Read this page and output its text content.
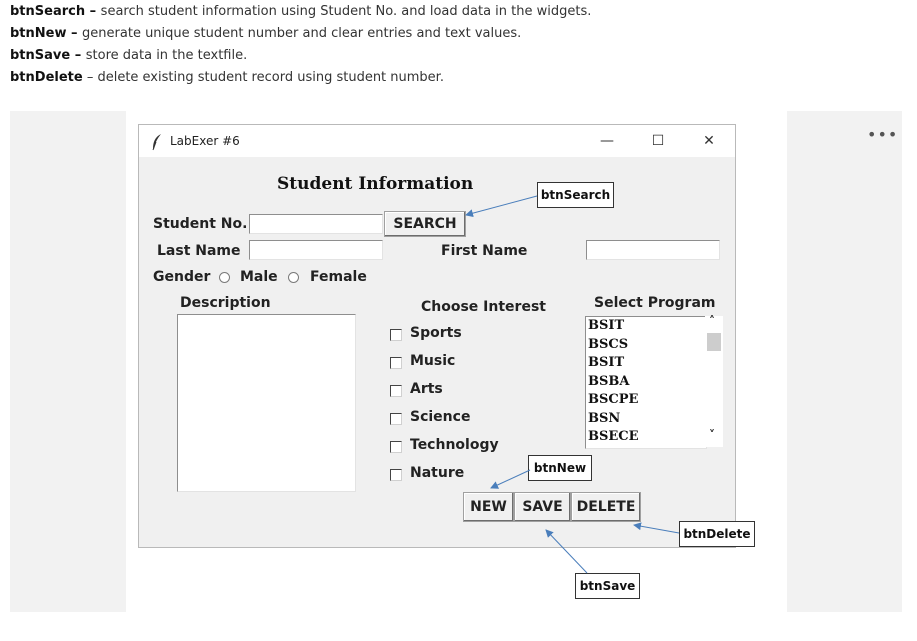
btnSearch – search student information using Student No. and load data in the widgets.
btnNew – generate unique student number and clear entries and text values.
btnSave – store data in the textfile.
btnDelete – delete existing student record using student number.
•••
LabExer #6	—	☐	✕
Student Information
Student No.	SEARCH
Last Name	First Name
Gender Male Female
Description	Choose Interest
Sports
Music
Arts
Science
Technology
Nature
Select Program
BSIT
BSCS
BSIT
BSBA
BSCPE
BSN
BSECE
˄
˅
NEW	SAVE DELETE
btnSearch
btnNew
btnDelete
btnSave
